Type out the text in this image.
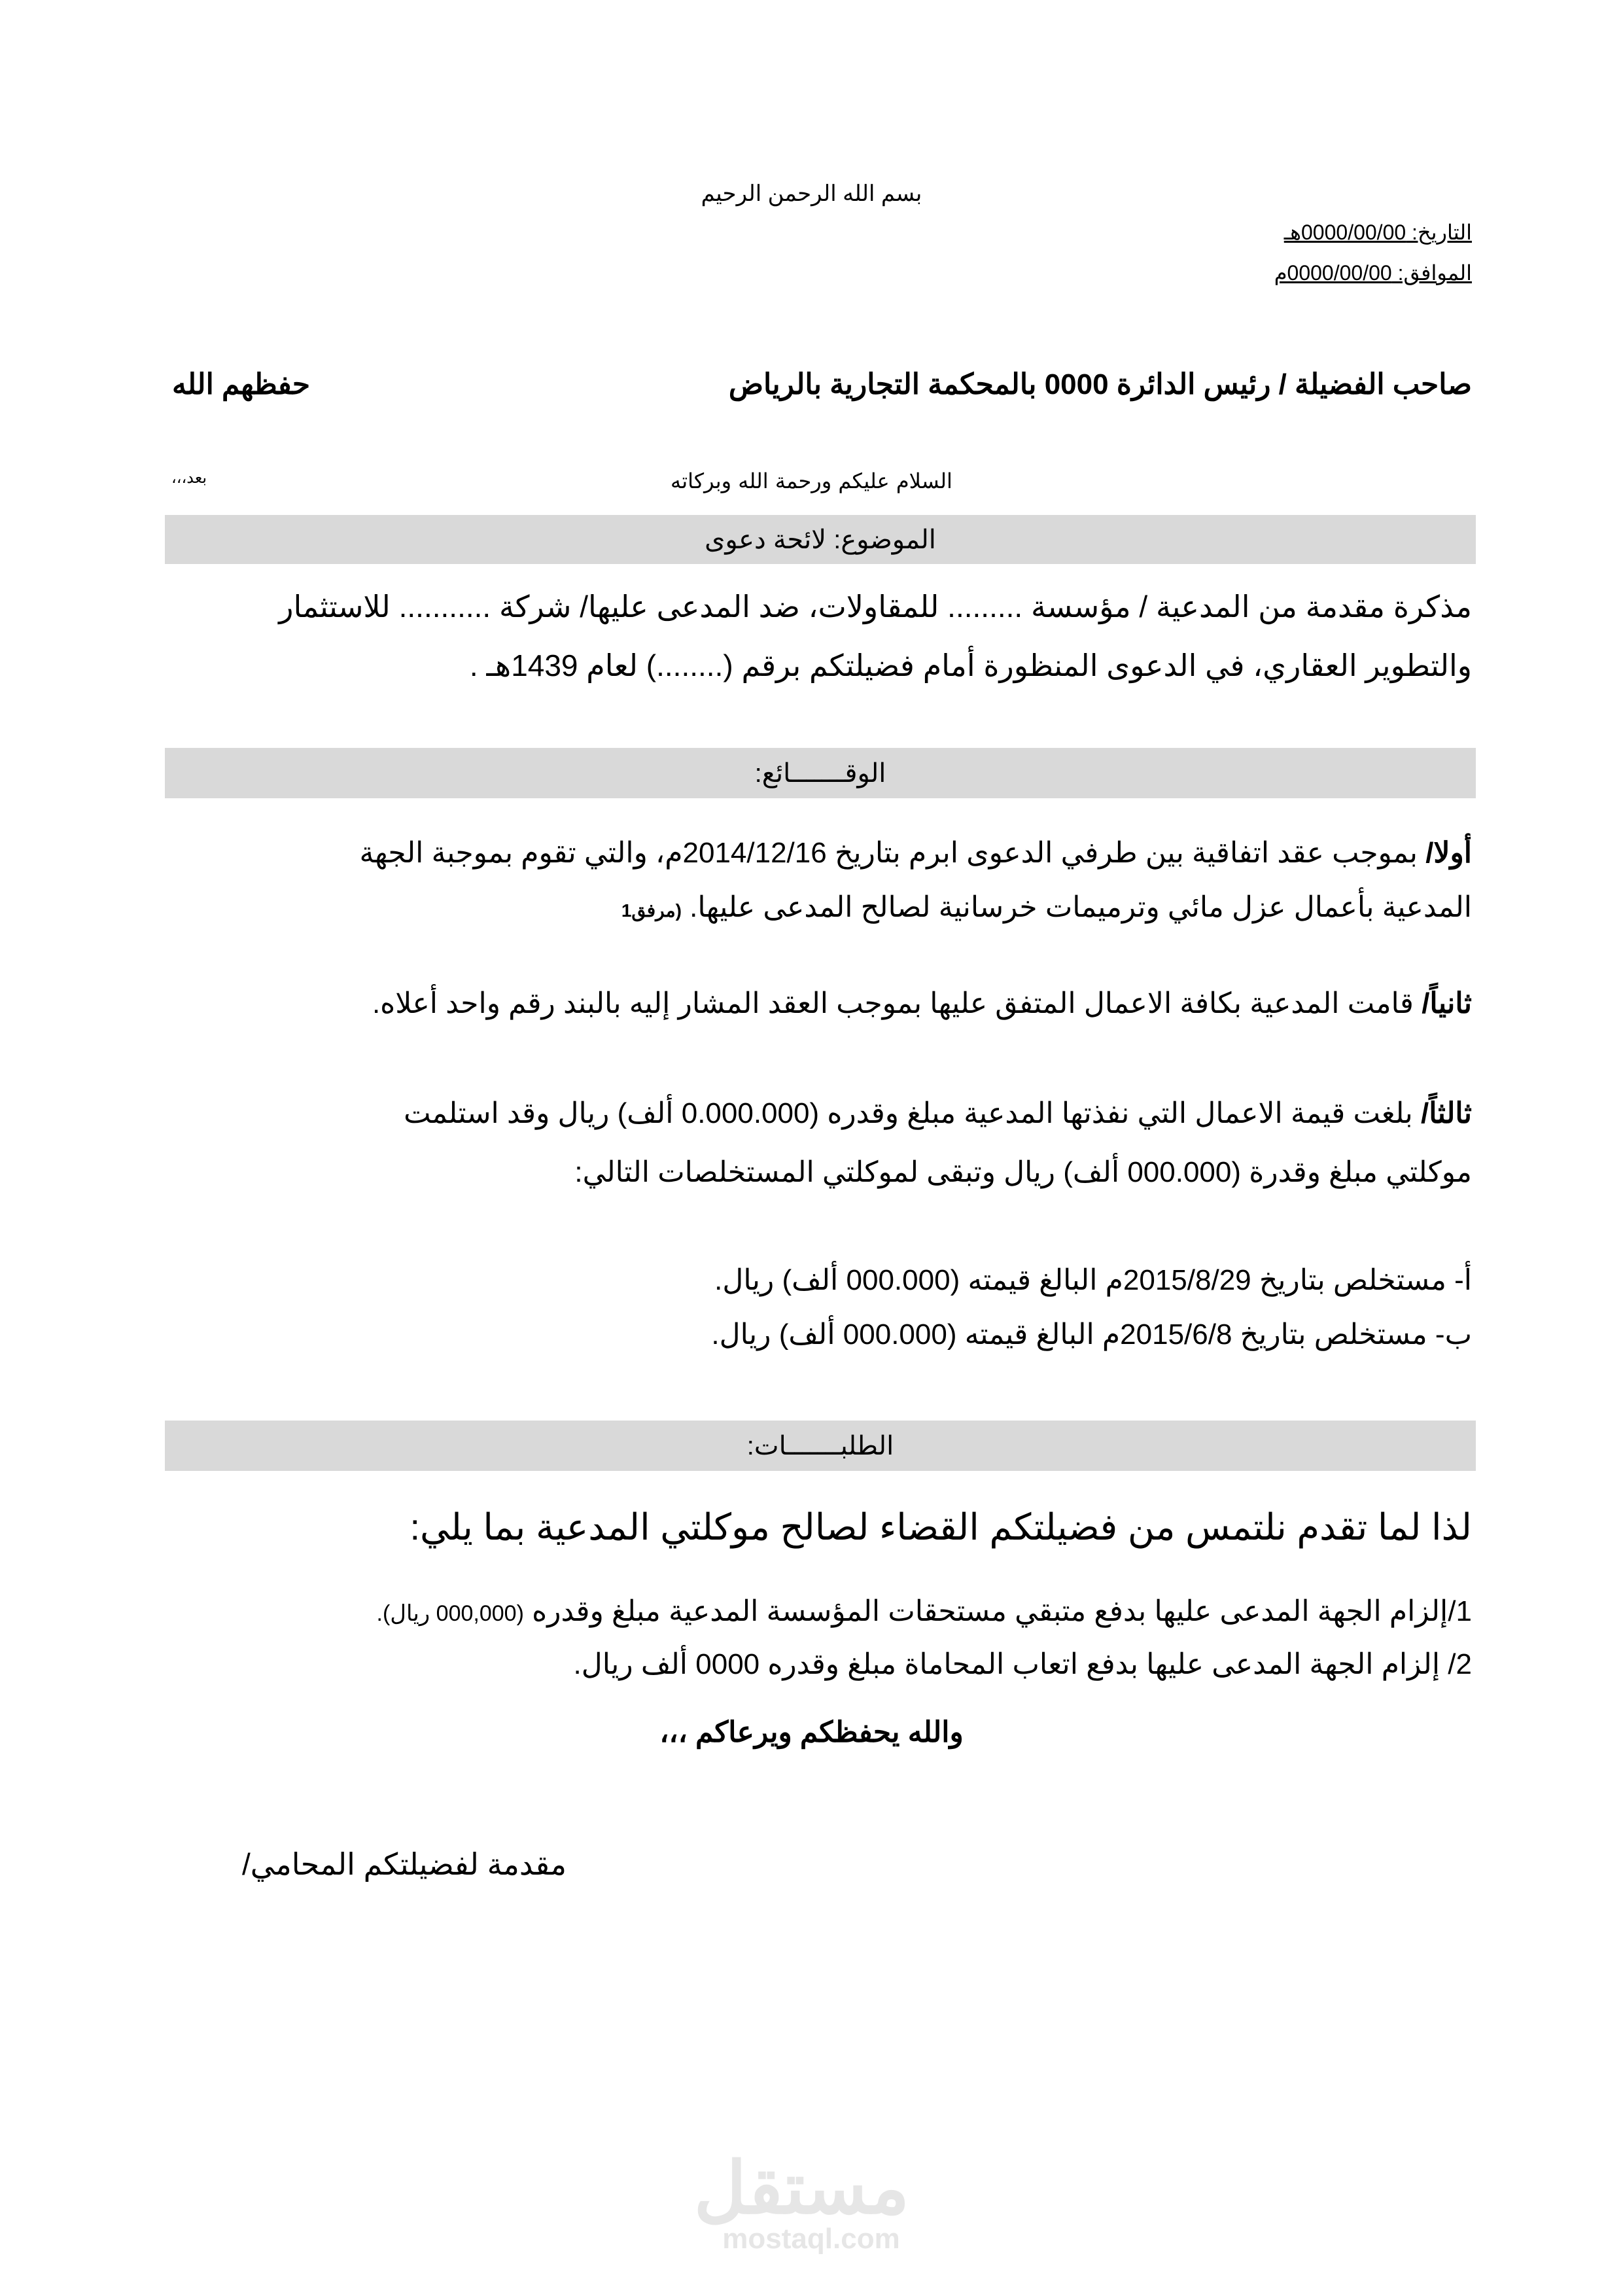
بسم الله الرحمن الرحيم
التاريخ: 0000/00/00هـ
الموافق: 0000/00/00م
صاحب الفضيلة / رئيس الدائرة 0000 بالمحكمة التجارية بالرياض
حفظهم الله
السلام عليكم ورحمة الله وبركاته
بعد،،،
الموضوع: لائحة دعوى
مذكرة مقدمة من المدعية / مؤسسة ......... للمقاولات، ضد المدعى عليها/ شركة ........... للاستثمار
والتطوير العقاري، في الدعوى المنظورة أمام فضيلتكم برقم (........) لعام 1439هـ .
الوقـــــــائع:
أولا/ بموجب عقد اتفاقية بين طرفي الدعوى ابرم بتاريخ 2014/12/16م، والتي تقوم بموجبة الجهة
المدعية بأعمال عزل مائي وترميمات خرسانية لصالح المدعى عليها. (مرفق1
ثانياً/ قامت المدعية بكافة الاعمال المتفق عليها بموجب العقد المشار إليه بالبند رقم واحد أعلاه.
ثالثاً/ بلغت قيمة الاعمال التي نفذتها المدعية مبلغ وقدره (0.000.000 ألف) ريال وقد استلمت
موكلتي مبلغ وقدرة (000.000 ألف) ريال وتبقى لموكلتي المستخلصات التالي:
أ- مستخلص بتاريخ 2015/8/29م البالغ قيمته (000.000 ألف) ريال.
ب- مستخلص بتاريخ 2015/6/8م البالغ قيمته (000.000 ألف) ريال.
الطلبـــــــات:
لذا لما تقدم نلتمس من فضيلتكم القضاء لصالح موكلتي المدعية بما يلي:
1/إلزام الجهة المدعى عليها بدفع متبقي مستحقات المؤسسة المدعية مبلغ وقدره (000,000 ريال).
2/ إلزام الجهة المدعى عليها بدفع اتعاب المحاماة مبلغ وقدره 0000 ألف ريال.
والله يحفظكم ويرعاكم ،،،
مقدمة لفضيلتكم المحامي/
مستقل
mostaql.com
